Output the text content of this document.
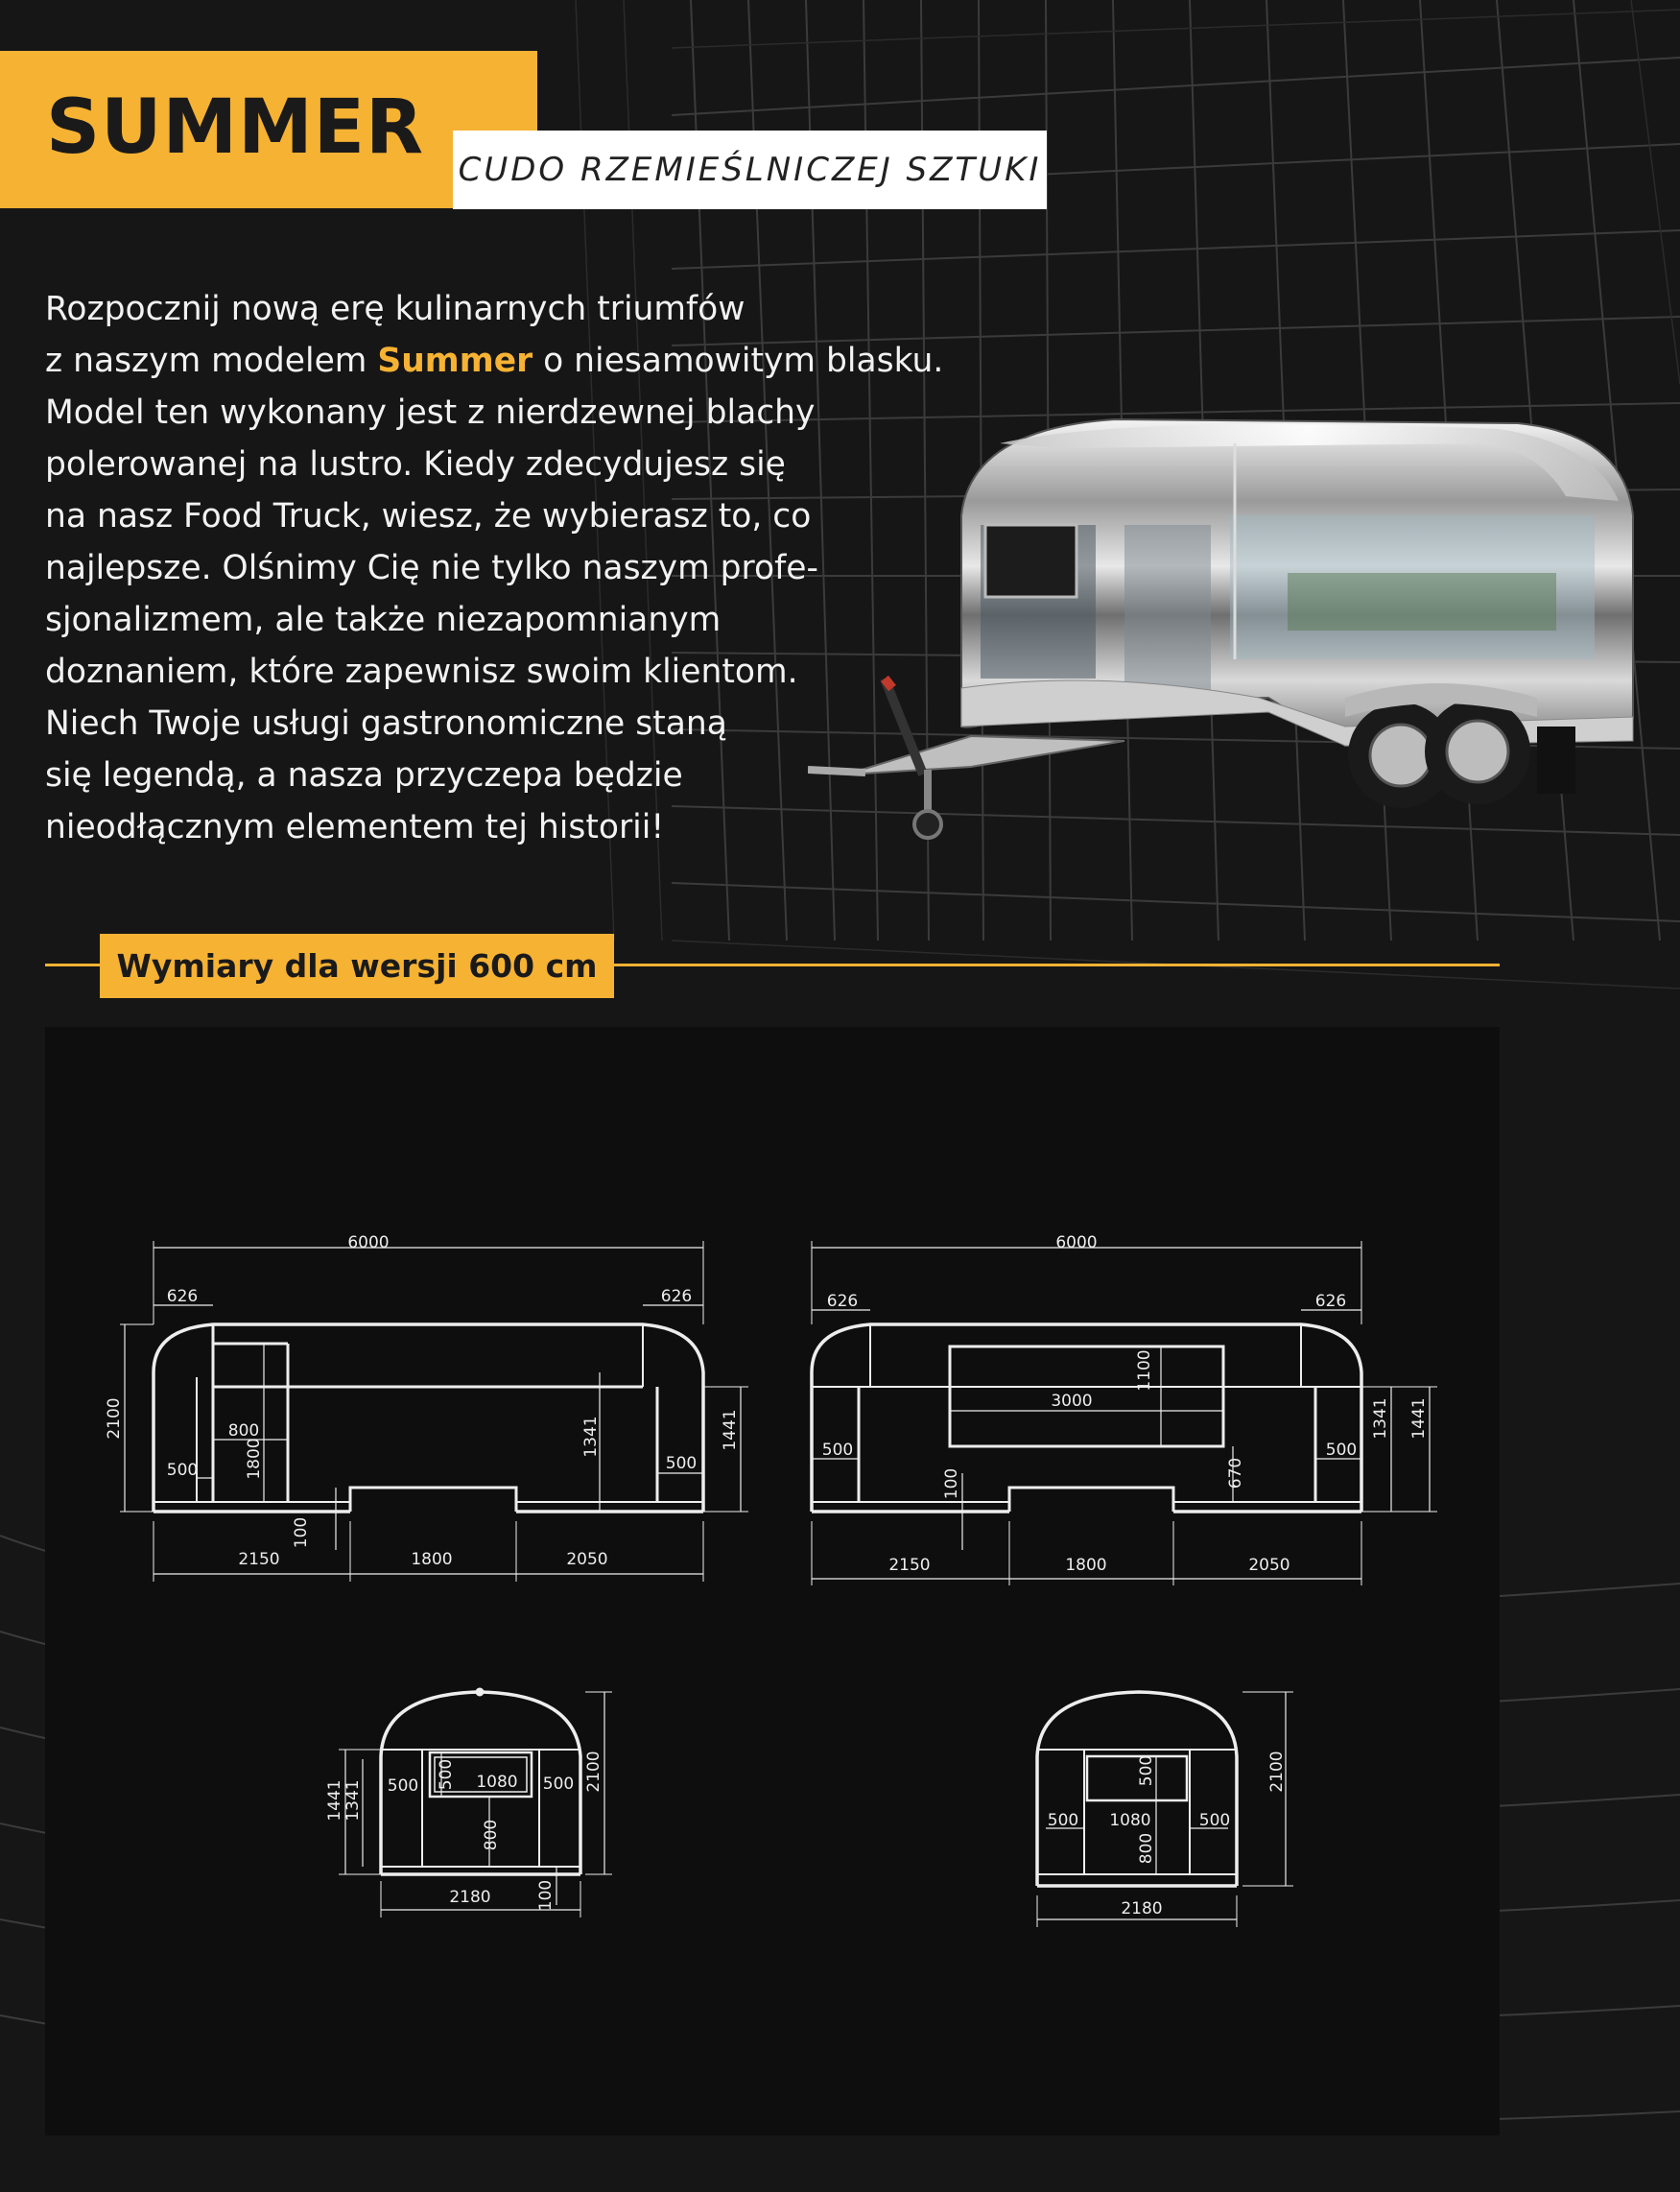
SUMMER CUDO RZEMIEŚLNICZEJ SZTUKI
Rozpocznij nową erę kulinarnych triumfów
z naszym modelem Summer o niesamowitym blasku.
Model ten wykonany jest z nierdzewnej blachy
polerowanej na lustro. Kiedy zdecydujesz się
na nasz Food Truck, wiesz, że wybierasz to, co
najlepsze. Olśnimy Cię nie tylko naszym profe-
sjonalizmem, ale także niezapomnianym
doznaniem, które zapewnisz swoim klientom.
Niech Twoje usługi gastronomiczne staną
się legendą, a nasza przyczepa będzie
nieodłącznym elementem tej historii!
Wymiary dla wersji 600 cm
6000
626	626
2100	1341	1441
800
1800
500	500
100
2150	1800	2050
6000
626	626
3000
1100
670
1341 1441
500	500
100
2150	1800	2050
2180
2100
1441 1341 500	500
1080
500
800
100	2180
2100
500	500
1080
500
800
